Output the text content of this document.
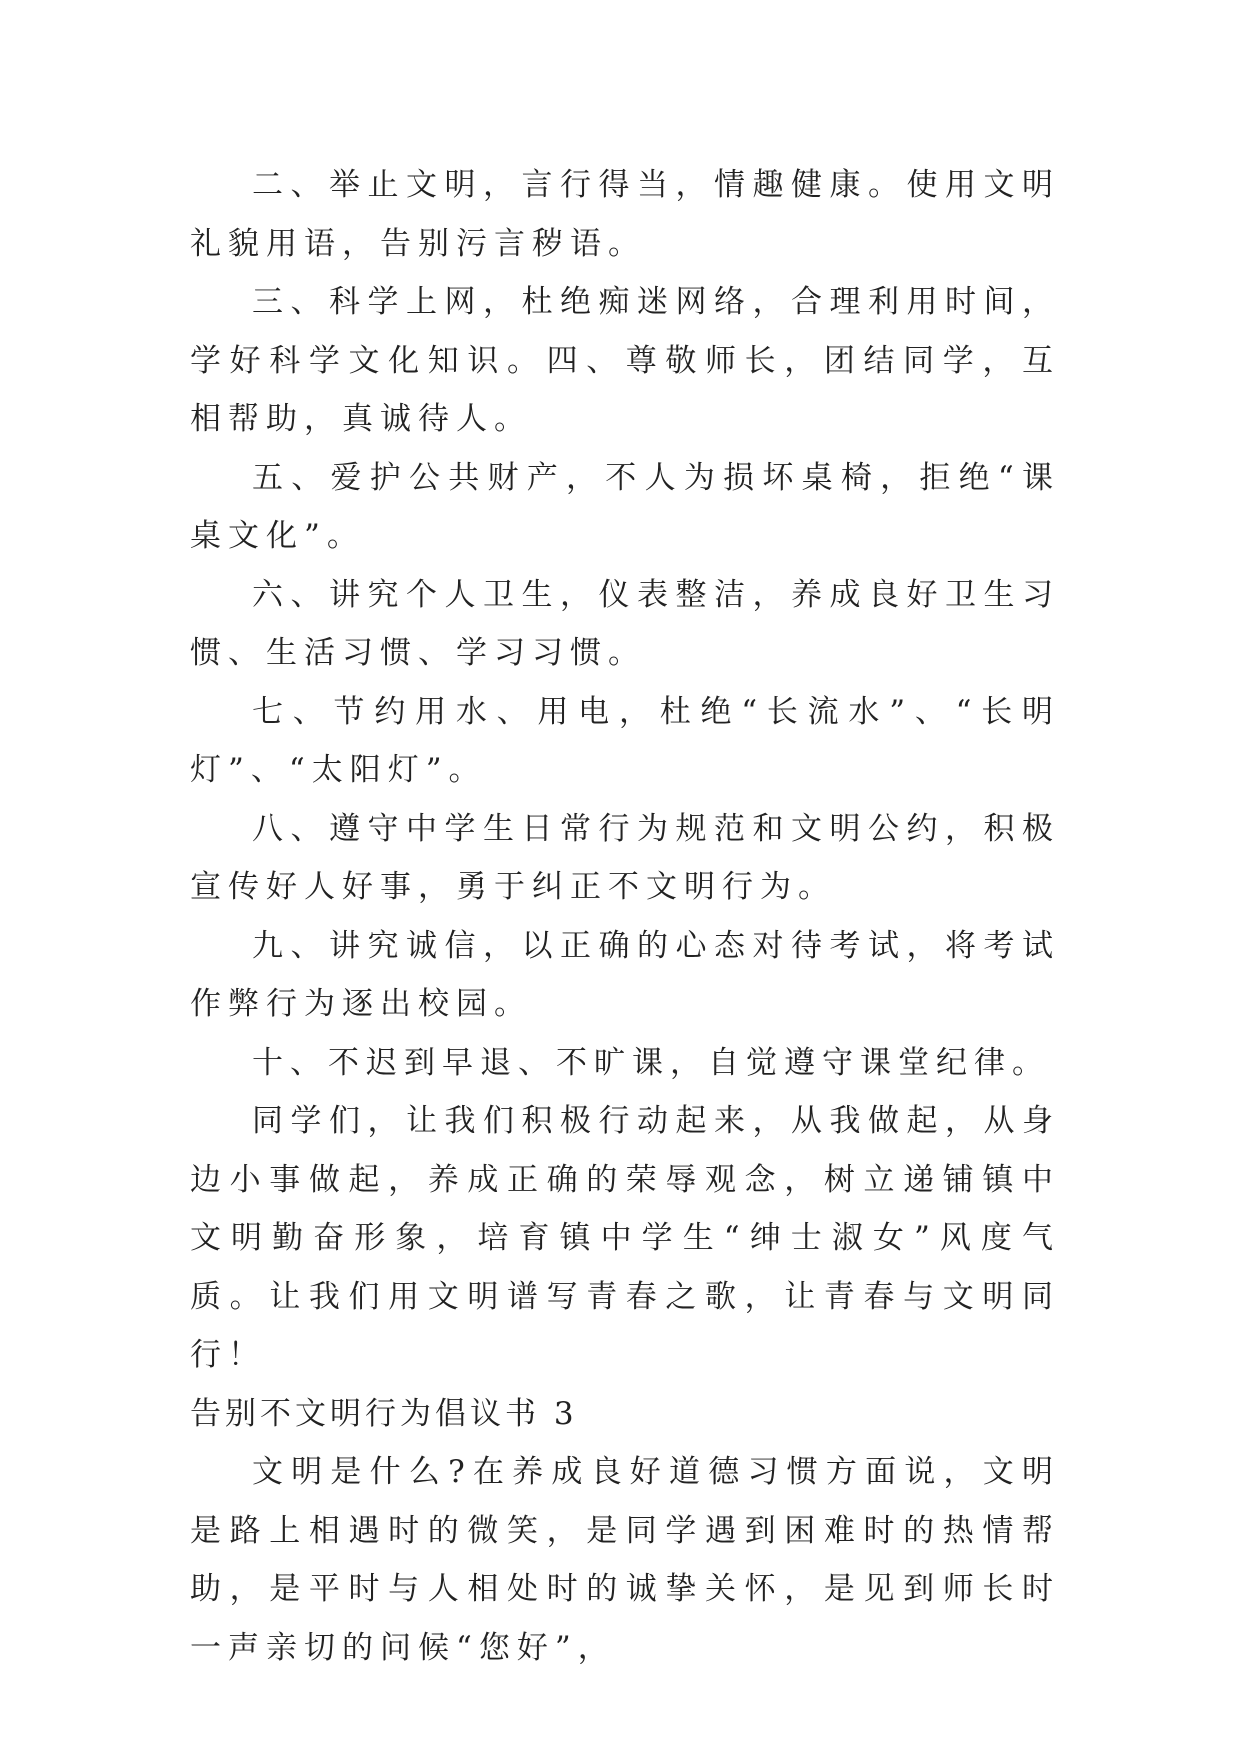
二、举止文明，言行得当，情趣健康。使用文明礼貌用语，告别污言秽语。

三、科学上网，杜绝痴迷网络，合理利用时间，学好科学文化知识。四、尊敬师长，团结同学，互相帮助，真诚待人。

五、爱护公共财产，不人为损坏桌椅，拒绝“课桌文化”。

六、讲究个人卫生，仪表整洁，养成良好卫生习惯、生活习惯、学习习惯。

七、节约用水、用电，杜绝“长流水”、“长明灯”、“太阳灯”。

八、遵守中学生日常行为规范和文明公约，积极宣传好人好事，勇于纠正不文明行为。

九、讲究诚信，以正确的心态对待考试，将考试作弊行为逐出校园。

十、不迟到早退、不旷课，自觉遵守课堂纪律。

同学们，让我们积极行动起来，从我做起，从身边小事做起，养成正确的荣辱观念，树立递铺镇中文明勤奋形象，培育镇中学生“绅士淑女”风度气质。让我们用文明谱写青春之歌，让青春与文明同行！

告别不文明行为倡议书 3

文明是什么?在养成良好道德习惯方面说，文明是路上相遇时的微笑，是同学遇到困难时的热情帮助，是平时与人相处时的诚挚关怀，是见到师长时一声亲切的问候“您好”，
